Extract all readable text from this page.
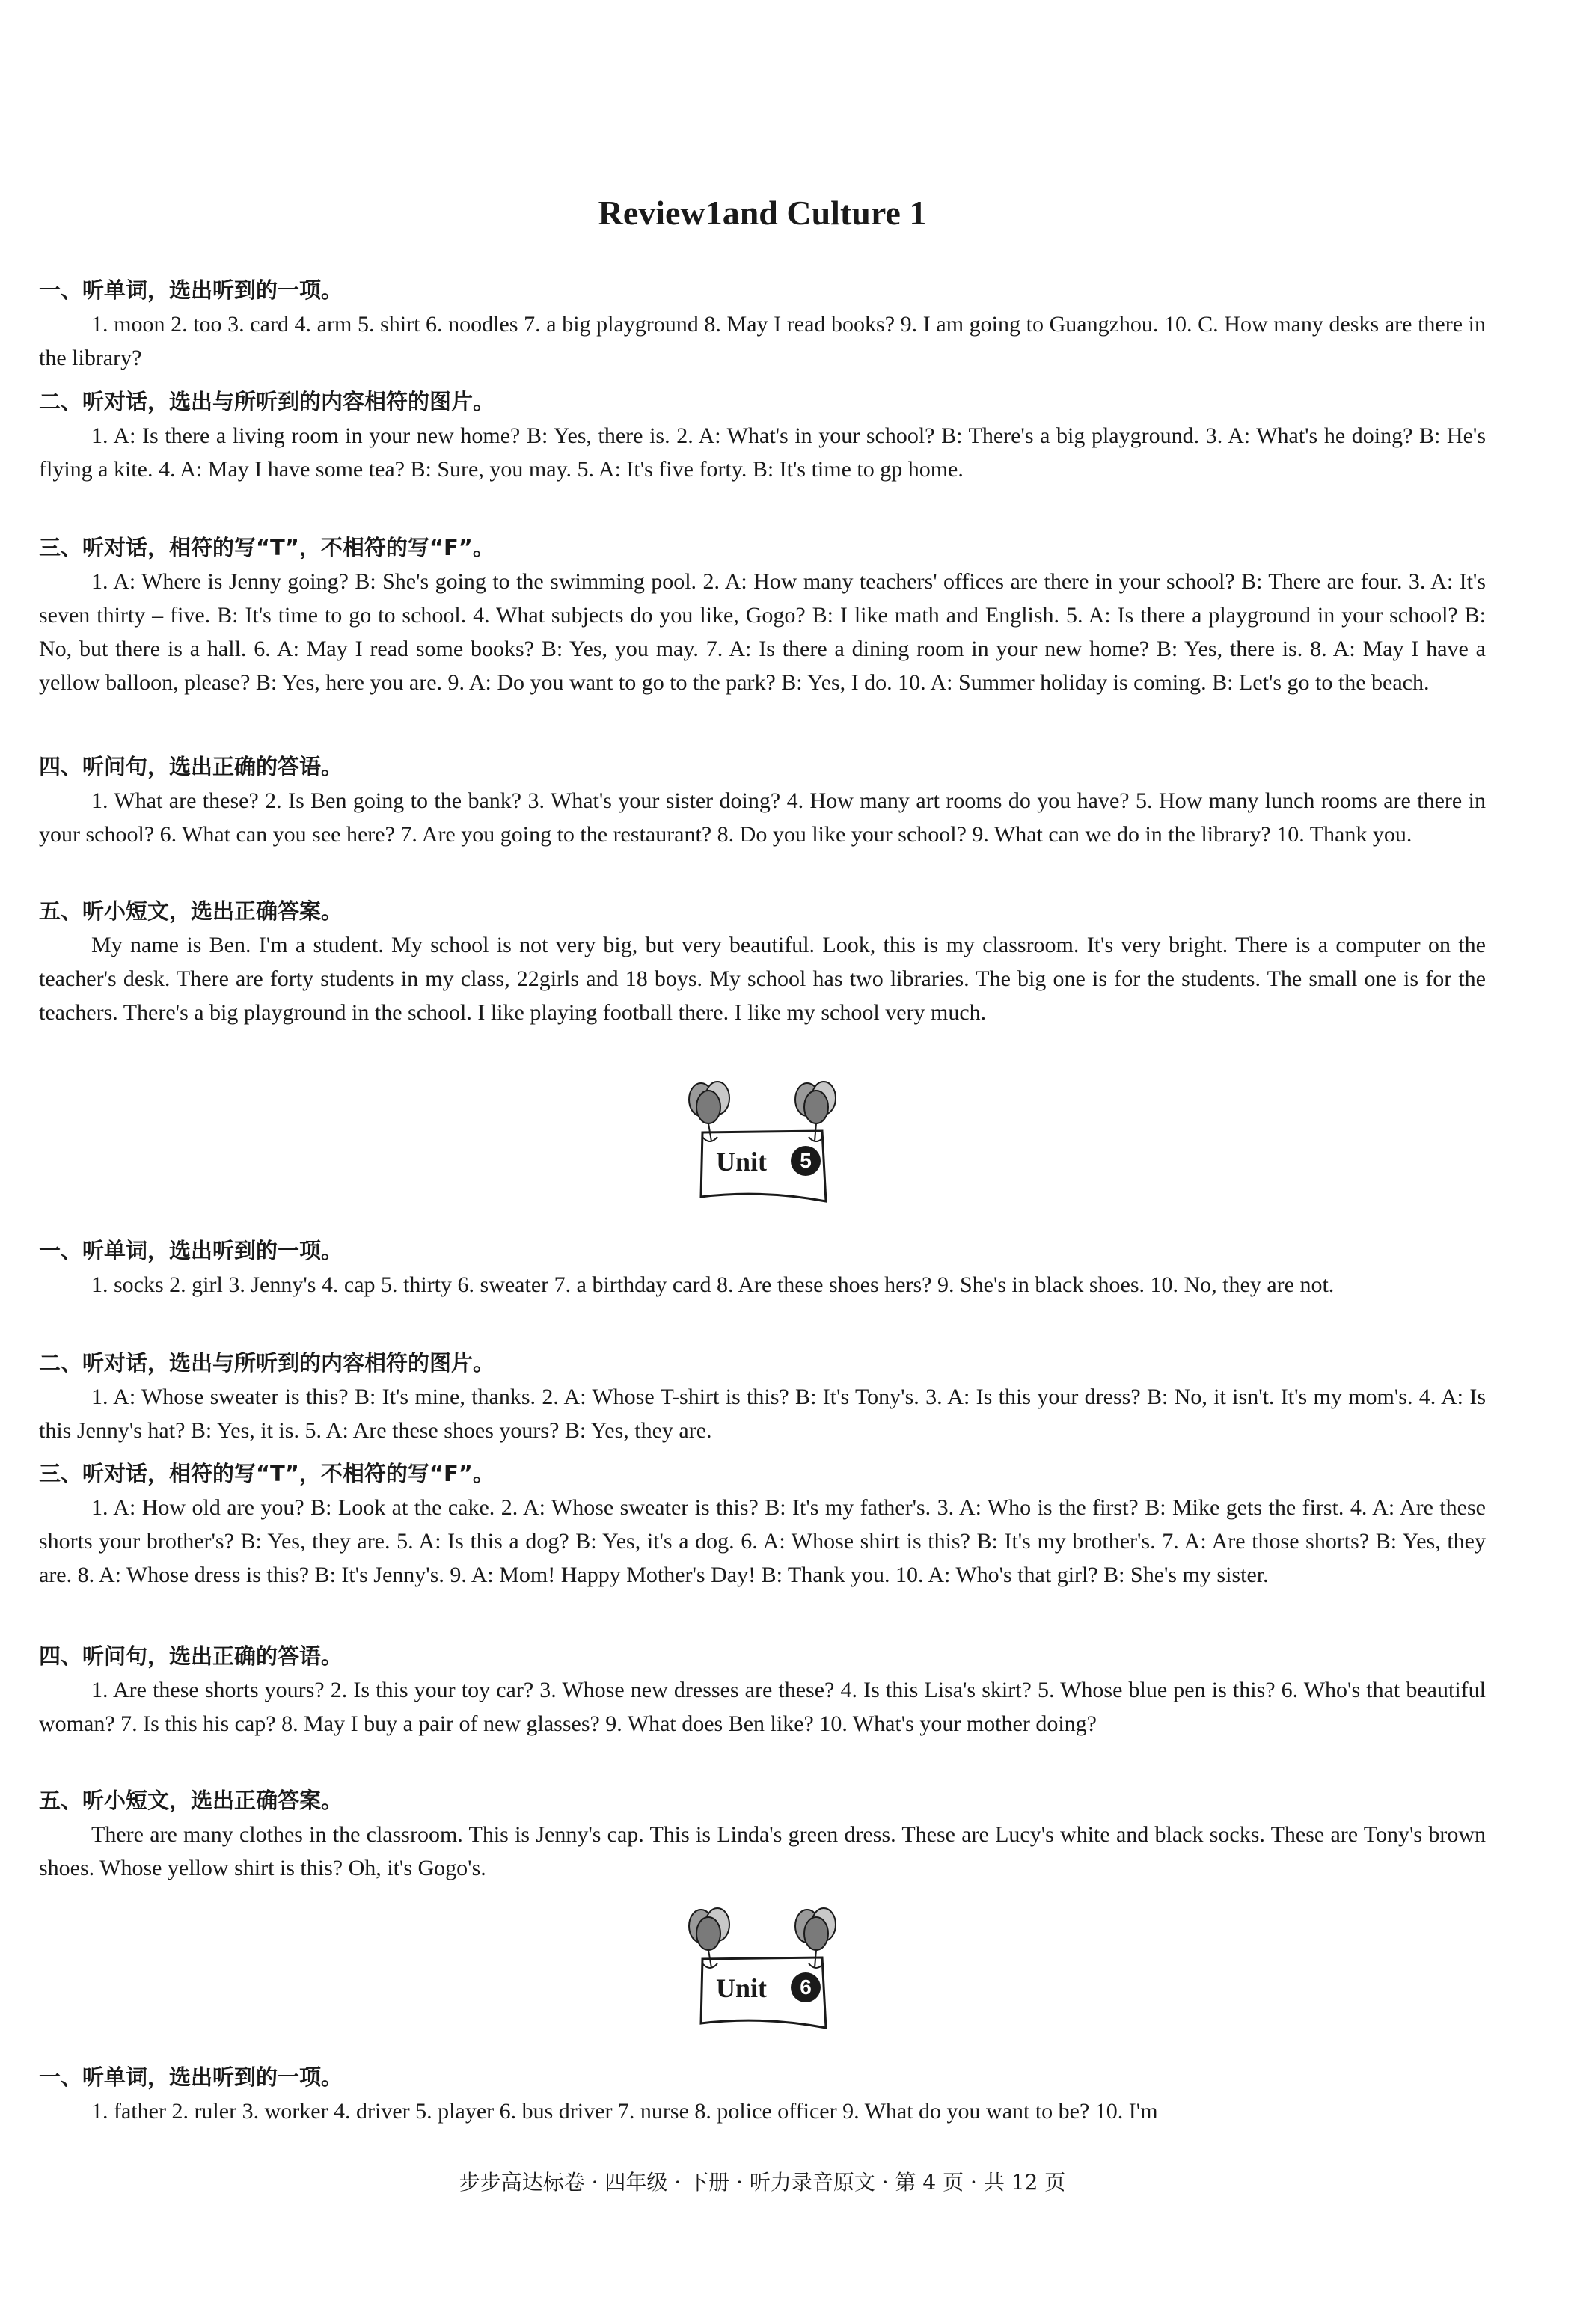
Review1and Culture 1
一、听单词，选出听到的一项。
1. moon 2. too 3. card 4. arm 5. shirt 6. noodles 7. a big playground 8. May I read books? 9. I am going to Guangzhou. 10. C. How many desks are there in the library?
二、听对话，选出与所听到的内容相符的图片。
1. A: Is there a living room in your new home? B: Yes, there is. 2. A: What's in your school? B: There's a big playground. 3. A: What's he doing? B: He's flying a kite. 4. A: May I have some tea? B: Sure, you may. 5. A: It's five forty. B: It's time to gp home.
三、听对话，相符的写“T”，不相符的写“F”。
1. A: Where is Jenny going? B: She's going to the swimming pool. 2. A: How many teachers' offices are there in your school? B: There are four. 3. A: It's seven thirty – five. B: It's time to go to school. 4. What subjects do you like, Gogo? B: I like math and English. 5. A: Is there a playground in your school? B: No, but there is a hall. 6. A: May I read some books? B: Yes, you may. 7. A: Is there a dining room in your new home? B: Yes, there is. 8. A: May I have a yellow balloon, please? B: Yes, here you are. 9. A: Do you want to go to the park? B: Yes, I do. 10. A: Summer holiday is coming. B: Let's go to the beach.
四、听问句，选出正确的答语。
1. What are these? 2. Is Ben going to the bank? 3. What's your sister doing? 4. How many art rooms do you have? 5. How many lunch rooms are there in your school? 6. What can you see here? 7. Are you going to the restaurant? 8. Do you like your school? 9. What can we do in the library? 10. Thank you.
五、听小短文，选出正确答案。
My name is Ben. I'm a student. My school is not very big, but very beautiful. Look, this is my classroom. It's very bright. There is a computer on the teacher's desk. There are forty students in my class, 22girls and 18 boys. My school has two libraries. The big one is for the students. The small one is for the teachers. There's a big playground in the school. I like playing football there. I like my school very much.
Unit	5
一、听单词，选出听到的一项。
1. socks 2. girl 3. Jenny's 4. cap 5. thirty 6. sweater 7. a birthday card 8. Are these shoes hers? 9. She's in black shoes. 10. No, they are not.
二、听对话，选出与所听到的内容相符的图片。
1. A: Whose sweater is this? B: It's mine, thanks. 2. A: Whose T-shirt is this? B: It's Tony's. 3. A: Is this your dress? B: No, it isn't. It's my mom's. 4. A: Is this Jenny's hat? B: Yes, it is. 5. A: Are these shoes yours? B: Yes, they are.
三、听对话，相符的写“T”，不相符的写“F”。
1. A: How old are you? B: Look at the cake. 2. A: Whose sweater is this? B: It's my father's. 3. A: Who is the first? B: Mike gets the first. 4. A: Are these shorts your brother's? B: Yes, they are. 5. A: Is this a dog? B: Yes, it's a dog. 6. A: Whose shirt is this? B: It's my brother's. 7. A: Are those shorts? B: Yes, they are. 8. A: Whose dress is this? B: It's Jenny's. 9. A: Mom! Happy Mother's Day! B: Thank you. 10. A: Who's that girl? B: She's my sister.
四、听问句，选出正确的答语。
1. Are these shorts yours? 2. Is this your toy car? 3. Whose new dresses are these? 4. Is this Lisa's skirt? 5. Whose blue pen is this? 6. Who's that beautiful woman? 7. Is this his cap? 8. May I buy a pair of new glasses? 9. What does Ben like? 10. What's your mother doing?
五、听小短文，选出正确答案。
There are many clothes in the classroom. This is Jenny's cap. This is Linda's green dress. These are Lucy's white and black socks. These are Tony's brown shoes. Whose yellow shirt is this? Oh, it's Gogo's.
Unit	6
一、听单词，选出听到的一项。
1. father 2. ruler 3. worker 4. driver 5. player 6. bus driver 7. nurse 8. police officer 9. What do you want to be? 10. I'm
步步高达标卷 · 四年级 · 下册 · 听力录音原文 · 第 4 页 · 共 12 页
